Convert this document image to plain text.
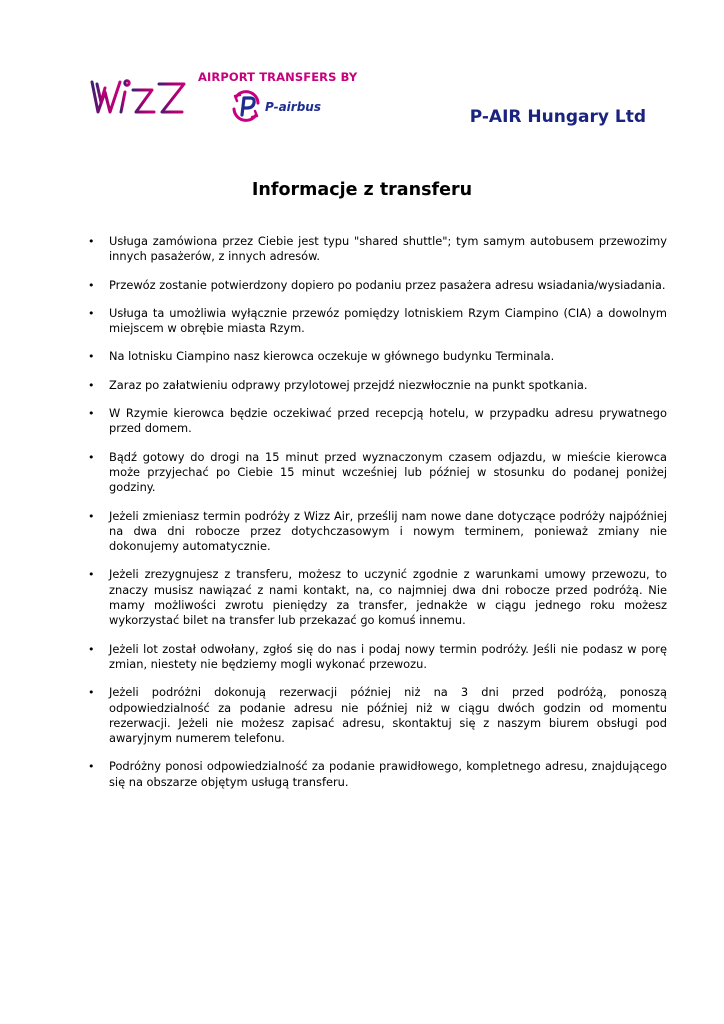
AIRPORT TRANSFERS BY
P-airbus	P-AIR Hungary Ltd
Informacje z transferu
• Usługa zamówiona przez Ciebie jest typu "shared shuttle"; tym samym autobusem przewozimy innych pasażerów, z innych adresów.
• Przewóz zostanie potwierdzony dopiero po podaniu przez pasażera adresu wsiadania/wysiadania.
• Usługa ta umożliwia wyłącznie przewóz pomiędzy lotniskiem Rzym Ciampino (CIA) a dowolnym miejscem w obrębie miasta Rzym.
• Na lotnisku Ciampino nasz kierowca oczekuje w głównego budynku Terminala.
• Zaraz po załatwieniu odprawy przylotowej przejdź niezwłocznie na punkt spotkania.
• W Rzymie kierowca będzie oczekiwać przed recepcją hotelu, w przypadku adresu prywatnego przed domem.
• Bądź gotowy do drogi na 15 minut przed wyznaczonym czasem odjazdu, w mieście kierowca może przyjechać po Ciebie 15 minut wcześniej lub później w stosunku do podanej poniżej godziny.
• Jeżeli zmieniasz termin podróży z Wizz Air, prześlij nam nowe dane dotyczące podróży najpóźniej na dwa dni robocze przez dotychczasowym i nowym terminem, ponieważ zmiany nie dokonujemy automatycznie.
• Jeżeli zrezygnujesz z transferu, możesz to uczynić zgodnie z warunkami umowy przewozu, to znaczy musisz nawiązać z nami kontakt, na, co najmniej dwa dni robocze przed podróżą. Nie mamy możliwości zwrotu pieniędzy za transfer, jednakże w ciągu jednego roku możesz wykorzystać bilet na transfer lub przekazać go komuś innemu.
• Jeżeli lot został odwołany, zgłoś się do nas i podaj nowy termin podróży. Jeśli nie podasz w porę zmian, niestety nie będziemy mogli wykonać przewozu.
• Jeżeli podróżni dokonują rezerwacji później niż na 3 dni przed podróżą, ponoszą odpowiedzialność za podanie adresu nie później niż w ciągu dwóch godzin od momentu rezerwacji. Jeżeli nie możesz zapisać adresu, skontaktuj się z naszym biurem obsługi pod awaryjnym numerem telefonu.
• Podróżny ponosi odpowiedzialność za podanie prawidłowego, kompletnego adresu, znajdującego się na obszarze objętym usługą transferu.
